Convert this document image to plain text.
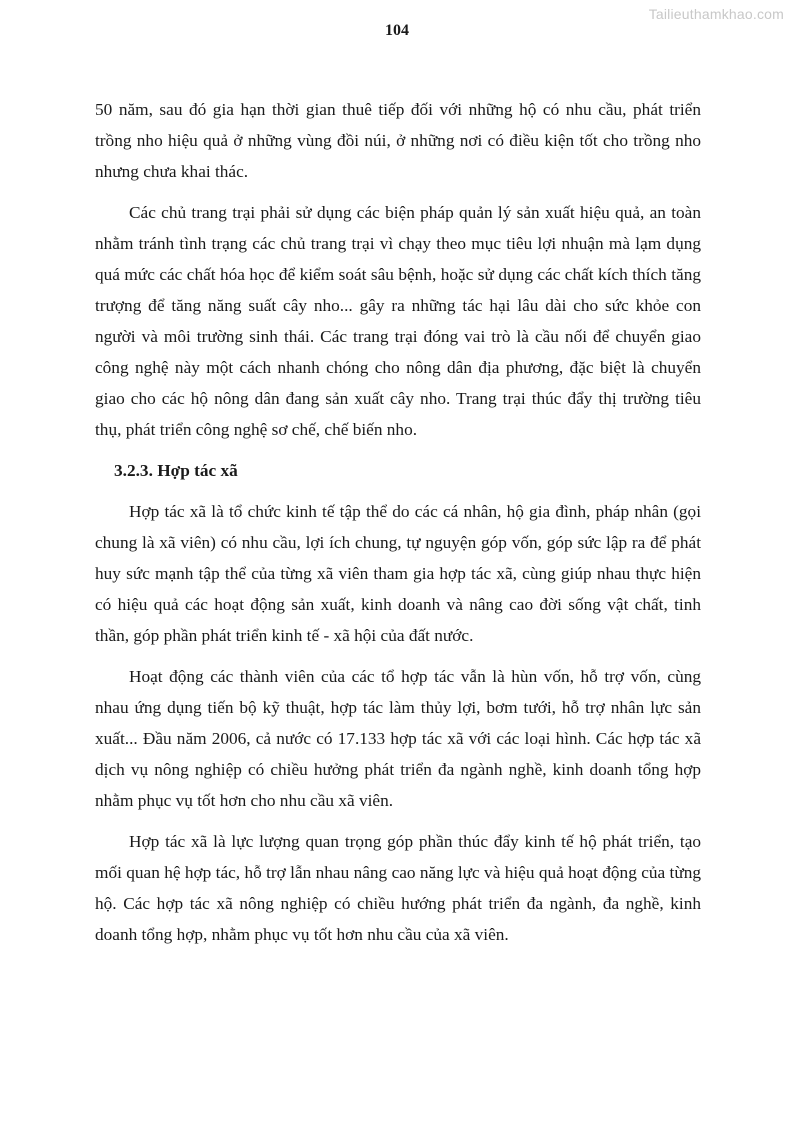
Tailieuthamkhao.com
104

50 năm, sau đó gia hạn thời gian thuê tiếp đối với những hộ có nhu cầu, phát triển trồng nho hiệu quả ở những vùng đồi núi, ở những nơi có điều kiện tốt cho trồng nho nhưng chưa khai thác.

Các chủ trang trại phải sử dụng các biện pháp quản lý sản xuất hiệu quả, an toàn nhằm tránh tình trạng các chủ trang trại vì chạy theo mục tiêu lợi nhuận mà lạm dụng quá mức các chất hóa học để kiểm soát sâu bệnh, hoặc sử dụng các chất kích thích tăng trượng để tăng năng suất cây nho... gây ra những tác hại lâu dài cho sức khỏe con người và môi trường sinh thái. Các trang trại đóng vai trò là cầu nối để chuyển giao công nghệ này một cách nhanh chóng cho nông dân địa phương, đặc biệt là chuyển giao cho các hộ nông dân đang sản xuất cây nho. Trang trại thúc đẩy thị trường tiêu thụ, phát triển công nghệ sơ chế, chế biến nho.

3.2.3. Hợp tác xã

Hợp tác xã là tổ chức kinh tế tập thể do các cá nhân, hộ gia đình, pháp nhân (gọi chung là xã viên) có nhu cầu, lợi ích chung, tự nguyện góp vốn, góp sức lập ra để phát huy sức mạnh tập thể của từng xã viên tham gia hợp tác xã, cùng giúp nhau thực hiện có hiệu quả các hoạt động sản xuất, kinh doanh và nâng cao đời sống vật chất, tinh thần, góp phần phát triển kinh tế - xã hội của đất nước.

Hoạt động các thành viên của các tổ hợp tác vẫn là hùn vốn, hỗ trợ vốn, cùng nhau ứng dụng tiến bộ kỹ thuật, hợp tác làm thủy lợi, bơm tưới, hỗ trợ nhân lực sản xuất... Đầu năm 2006, cả nước có 17.133 hợp tác xã với các loại hình. Các hợp tác xã dịch vụ nông nghiệp có chiều hưởng phát triển đa ngành nghề, kinh doanh tổng hợp nhằm phục vụ tốt hơn cho nhu cầu xã viên.

Hợp tác xã là lực lượng quan trọng góp phần thúc đẩy kinh tế hộ phát triển, tạo mối quan hệ hợp tác, hỗ trợ lẫn nhau nâng cao năng lực và hiệu quả hoạt động của từng hộ. Các hợp tác xã nông nghiệp có chiều hướng phát triển đa ngành, đa nghề, kinh doanh tổng hợp, nhằm phục vụ tốt hơn nhu cầu của xã viên.
